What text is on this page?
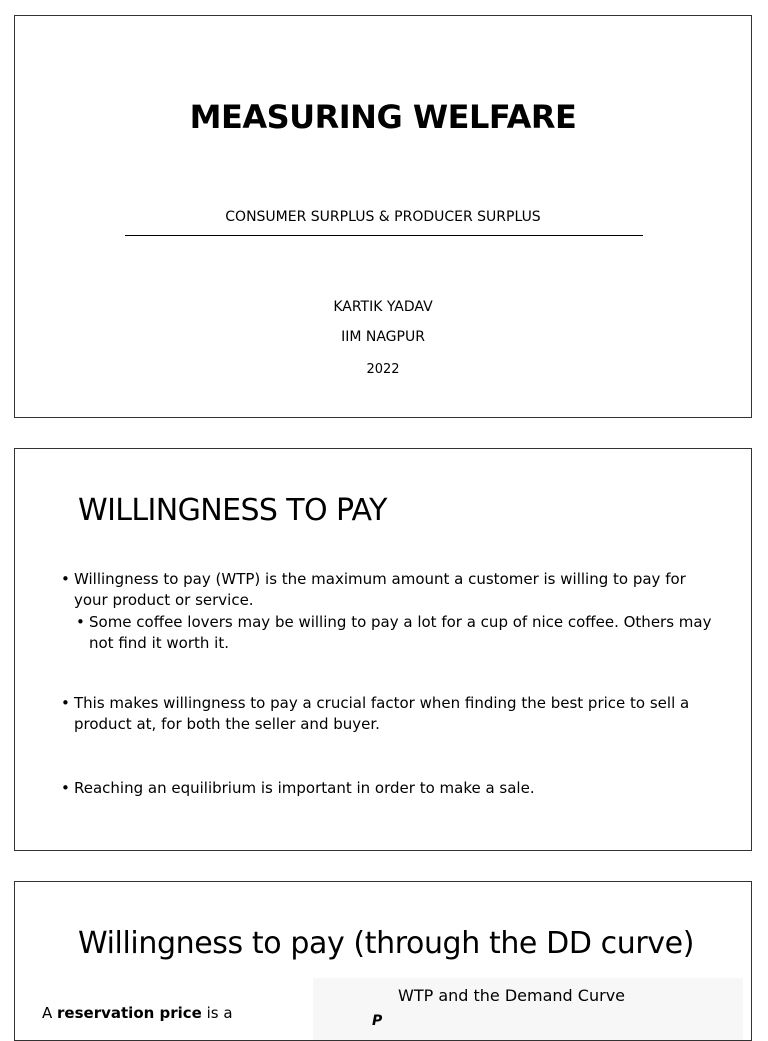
MEASURING WELFARE
CONSUMER SURPLUS & PRODUCER SURPLUS
KARTIK YADAV
IIM NAGPUR
2022
WILLINGNESS TO PAY
• Willingness to pay (WTP) is the maximum amount a customer is willing to pay for your product or service.
• Some coffee lovers may be willing to pay a lot for a cup of nice coffee. Others may not find it worth it.
• This makes willingness to pay a crucial factor when finding the best price to sell a product at, for both the seller and buyer.
• Reaching an equilibrium is important in order to make a sale.
Willingness to pay (through the DD curve)
A reservation price is a
WTP and the Demand Curve
P
